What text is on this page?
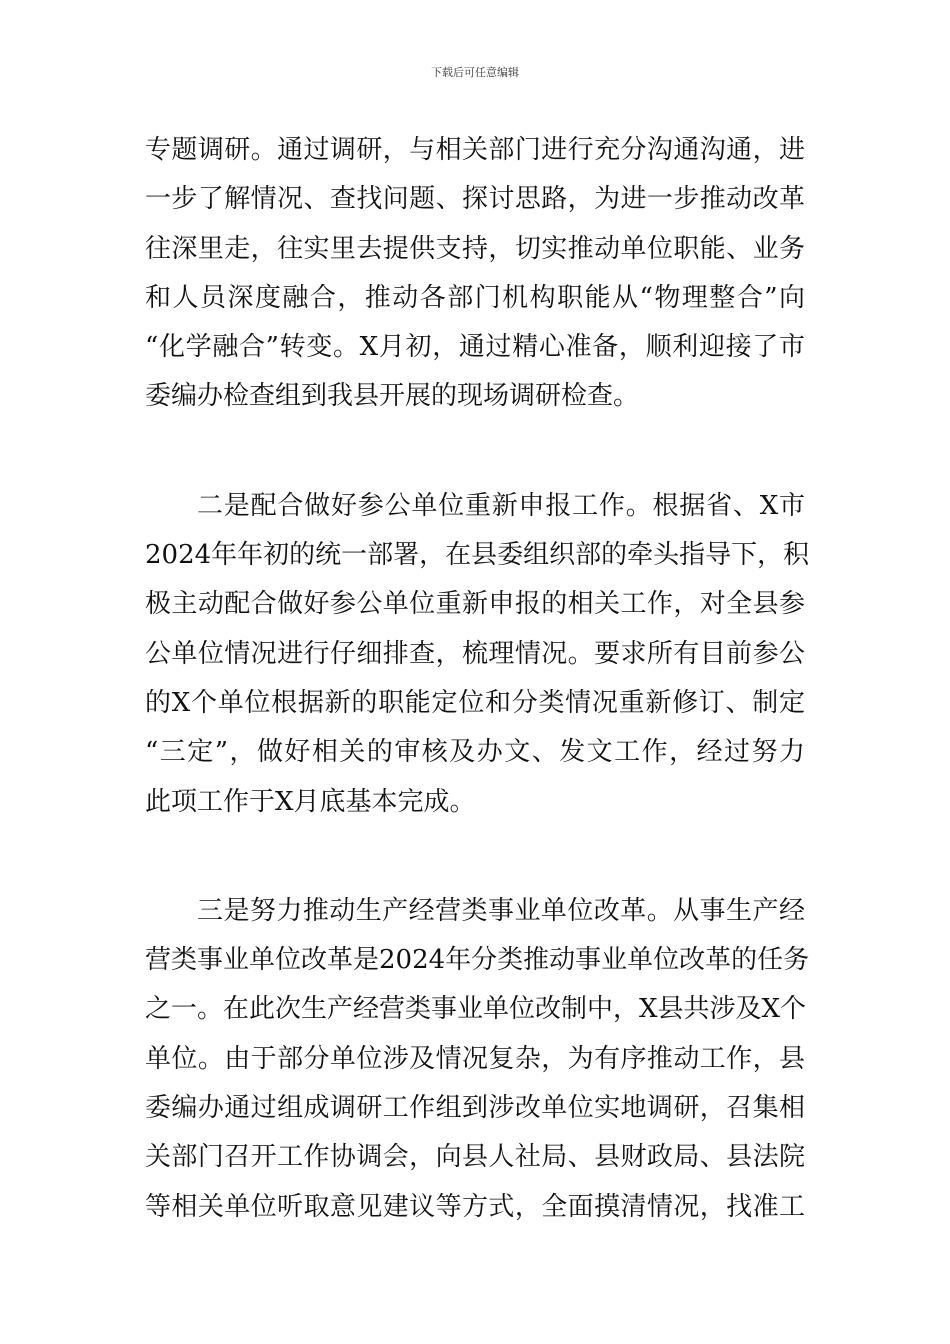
下载后可任意编辑
专题调研。通过调研，与相关部门进行充分沟通沟通，进
一步了解情况、查找问题、探讨思路，为进一步推动改革
往深里走，往实里去提供支持，切实推动单位职能、业务
和人员深度融合，推动各部门机构职能从“物理整合”向
“化学融合”转变。X月初，通过精心准备，顺利迎接了市
委编办检查组到我县开展的现场调研检查。
二是配合做好参公单位重新申报工作。根据省、X市
2024年年初的统一部署，在县委组织部的牵头指导下，积
极主动配合做好参公单位重新申报的相关工作，对全县参
公单位情况进行仔细排查，梳理情况。要求所有目前参公
的X个单位根据新的职能定位和分类情况重新修订、制定
“三定”，做好相关的审核及办文、发文工作，经过努力
此项工作于X月底基本完成。
三是努力推动生产经营类事业单位改革。从事生产经
营类事业单位改革是2024年分类推动事业单位改革的任务
之一。在此次生产经营类事业单位改制中，X县共涉及X个
单位。由于部分单位涉及情况复杂，为有序推动工作，县
委编办通过组成调研工作组到涉改单位实地调研，召集相
关部门召开工作协调会，向县人社局、县财政局、县法院
等相关单位听取意见建议等方式，全面摸清情况，找准工
